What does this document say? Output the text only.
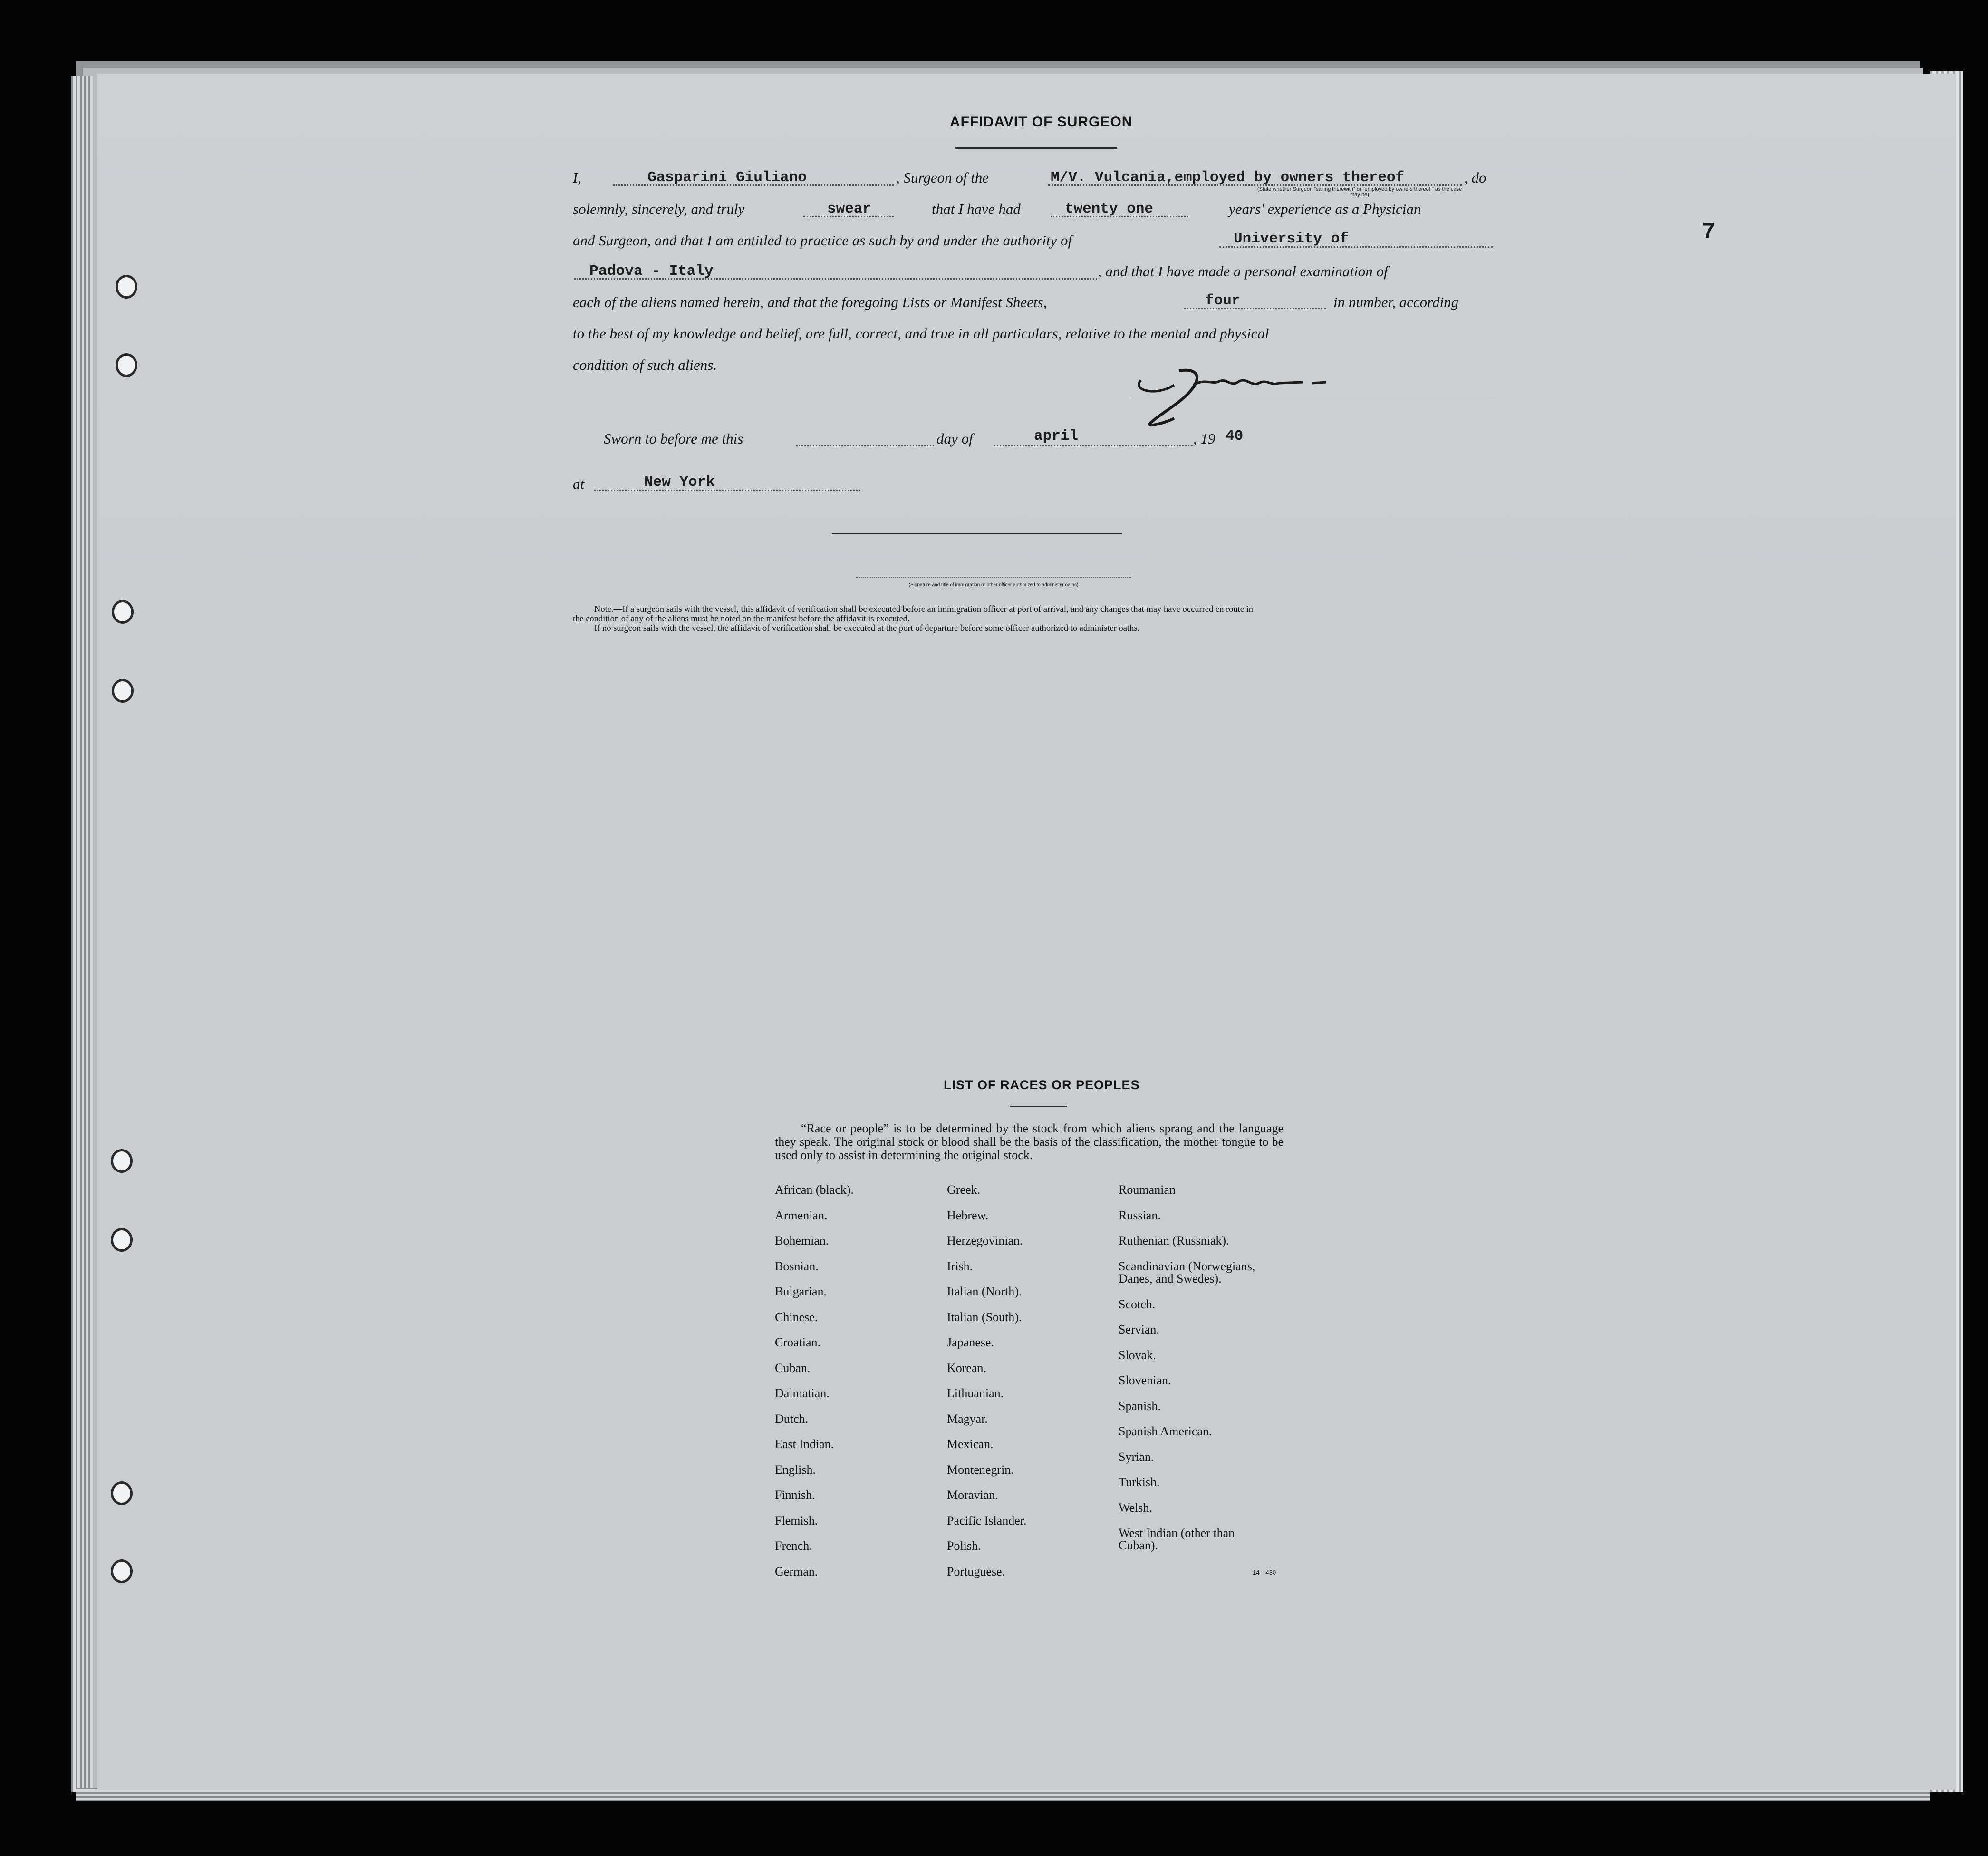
7
AFFIDAVIT OF SURGEON
I,	Gasparini Giuliano	, Surgeon of the	M/V. Vulcania,employed by owners thereof	, do
(State whether Surgeon "sailing therewith" or "employed by owners thereof," as the case may be)
solemnly, sincerely, and truly	swear	that I have had	twenty one	years' experience as a Physician
and Surgeon, and that I am entitled to practice as such by and under the authority of	University of
Padova - Italy	, and that I have made a personal examination of
each of the aliens named herein, and that the foregoing Lists or Manifest Sheets,	four	in number, according
to the best of my knowledge and belief, are full, correct, and true in all particulars, relative to the mental and physical
condition of such aliens.
Sworn to before me this	day of	april	, 19 40
at	New York
(Signature and title of immigration or other officer authorized to administer oaths)
Note.—If a surgeon sails with the vessel, this affidavit of verification shall be executed before an immigration officer at port of arrival, and any changes that may have occurred en route in
the condition of any of the aliens must be noted on the manifest before the affidavit is executed.
If no surgeon sails with the vessel, the affidavit of verification shall be executed at the port of departure before some officer authorized to administer oaths.
LIST OF RACES OR PEOPLES
“Race or people” is to be determined by the stock from which aliens sprang and the language they speak. The original stock or blood shall be the basis of the classification, the mother tongue to be used only to assist in determining the original stock.
African (black).
Armenian.
Bohemian.
Bosnian.
Bulgarian.
Chinese.
Croatian.
Cuban.
Dalmatian.
Dutch.
East Indian.
English.
Finnish.
Flemish.
French.
German.
Greek.
Hebrew.
Herzegovinian.
Irish.
Italian (North).
Italian (South).
Japanese.
Korean.
Lithuanian.
Magyar.
Mexican.
Montenegrin.
Moravian.
Pacific Islander.
Polish.
Portuguese.
Roumanian
Russian.
Ruthenian (Russniak).
Scandinavian (Norwegians, Danes, and Swedes).
Scotch.
Servian.
Slovak.
Slovenian.
Spanish.
Spanish American.
Syrian.
Turkish.
Welsh.
West Indian (other than Cuban).
14—430
